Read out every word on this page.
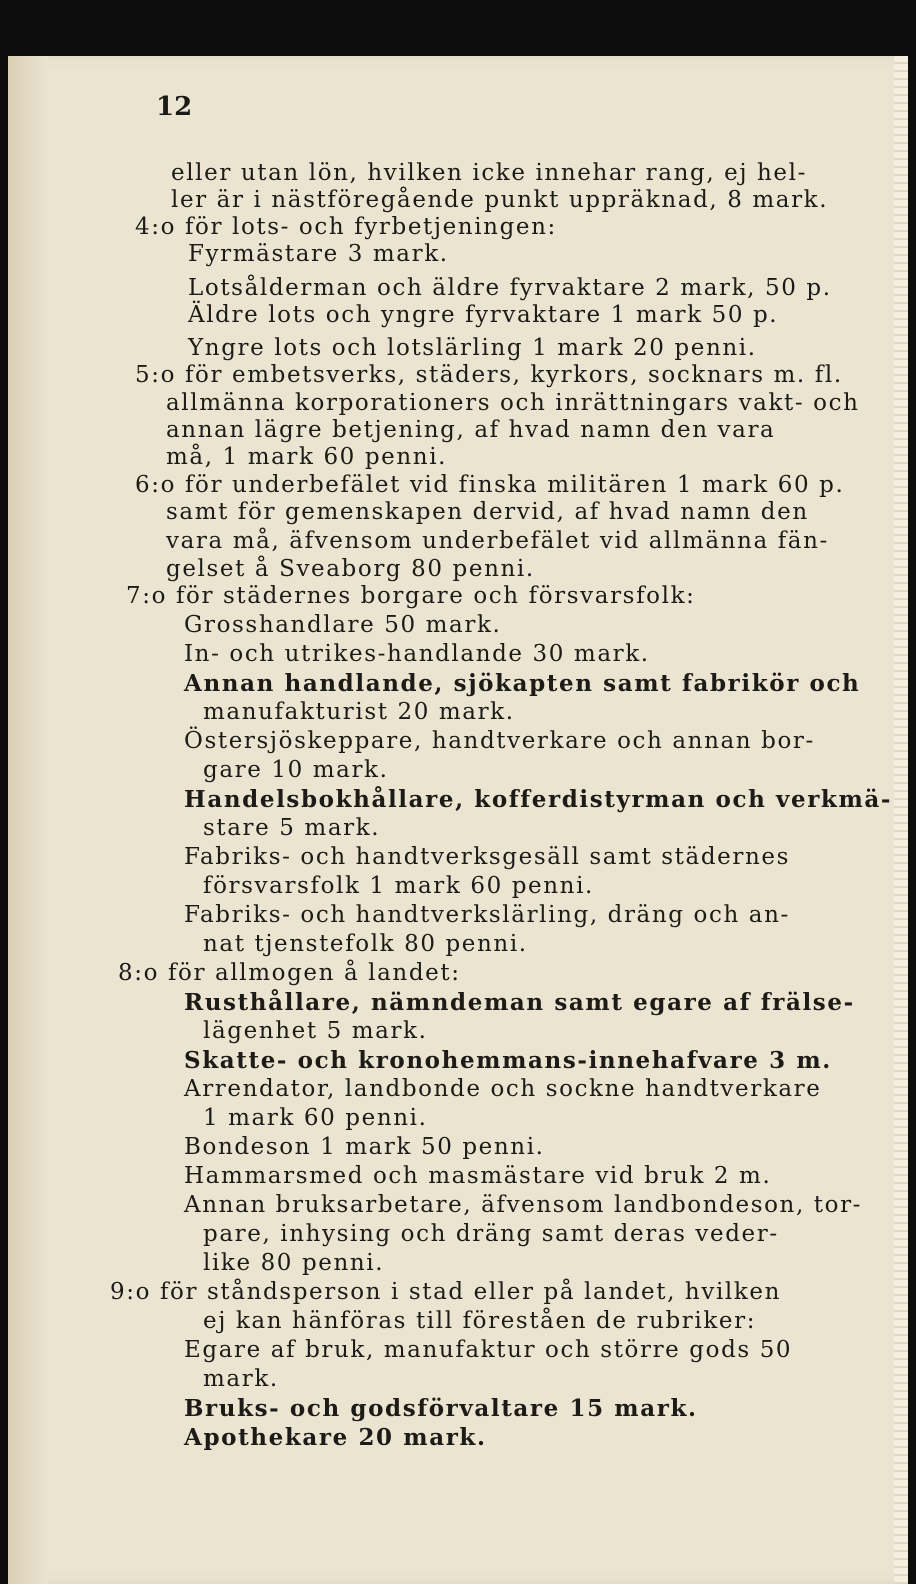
12
eller utan lön, hvilken icke innehar rang, ej hel-
ler är i nästföregående punkt uppräknad, 8 mark.
4:o för lots- och fyrbetjeningen:
Fyrmästare 3 mark.
Lotsålderman och äldre fyrvaktare 2 mark, 50 p.
Äldre lots och yngre fyrvaktare 1 mark 50 p.
Yngre lots och lotslärling 1 mark 20 penni.
5:o för embetsverks, städers, kyrkors, socknars m. fl.
allmänna korporationers och inrättningars vakt- och
annan lägre betjening, af hvad namn den vara
må, 1 mark 60 penni.
6:o för underbefälet vid finska militären 1 mark 60 p.
samt för gemenskapen dervid, af hvad namn den
vara må, äfvensom underbefälet vid allmänna fän-
gelset å Sveaborg 80 penni.
7:o för städernes borgare och försvarsfolk:
Grosshandlare 50 mark.
In- och utrikes-handlande 30 mark.
Annan handlande, sjökapten samt fabrikör och
manufakturist 20 mark.
Östersjöskeppare, handtverkare och annan bor-
gare 10 mark.
Handelsbokhållare, kofferdistyrman och verkmä-
stare 5 mark.
Fabriks- och handtverksgesäll samt städernes
försvarsfolk 1 mark 60 penni.
Fabriks- och handtverkslärling, dräng och an-
nat tjenstefolk 80 penni.
8:o för allmogen å landet:
Rusthållare, nämndeman samt egare af frälse-
lägenhet 5 mark.
Skatte- och kronohemmans-innehafvare 3 m.
Arrendator, landbonde och sockne handtverkare
1 mark 60 penni.
Bondeson 1 mark 50 penni.
Hammarsmed och masmästare vid bruk 2 m.
Annan bruksarbetare, äfvensom landbondeson, tor-
pare, inhysing och dräng samt deras veder-
like 80 penni.
9:o för ståndsperson i stad eller på landet, hvilken
ej kan hänföras till föreståen de rubriker:
Egare af bruk, manufaktur och större gods 50
mark.
Bruks- och godsförvaltare 15 mark.
Apothekare 20 mark.
